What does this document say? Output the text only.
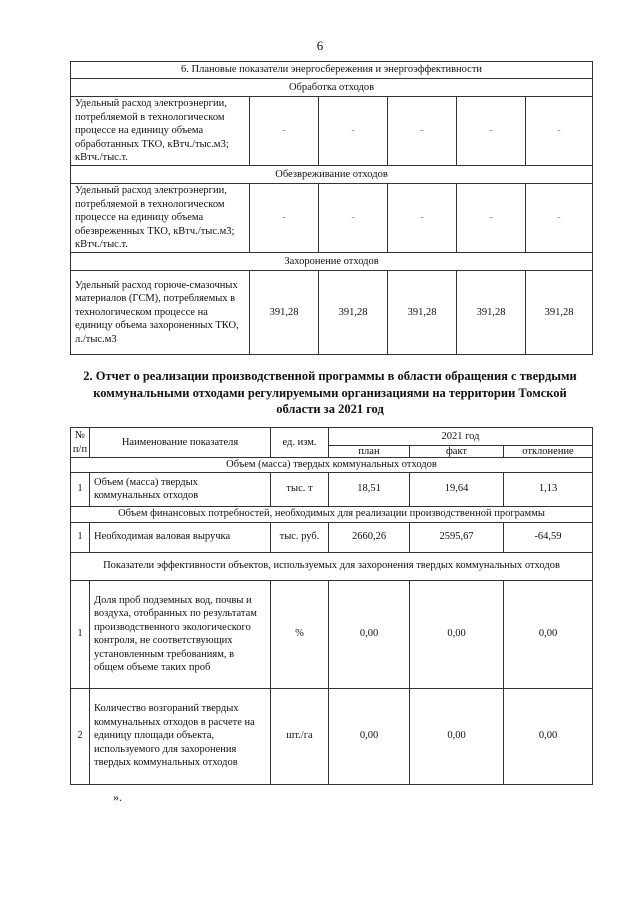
6
6. Плановые показатели энергосбережения и энергоэффективности					
Обработка отходов					
Удельный расход электроэнергии, потребляемой в технологическом процессе на единицу объема обработанных ТКО, кВтч./тыс.м3; кВтч./тыс.т.	-	-	-	-	-
Обезвреживание отходов					
Удельный расход электроэнергии, потребляемой в технологическом процессе на единицу объема обезвреженных ТКО, кВтч./тыс.м3; кВтч./тыс.т.	-	-	-	-	-
Захоронение отходов					
Удельный расход горюче-смазочных материалов (ГСМ), потребляемых в технологическом процессе на единицу объема захороненных ТКО, л./тыс.м3	391,28	391,28	391,28	391,28	391,28
2. Отчет о реализации производственной программы в области обращения с твердыми коммунальными отходами регулируемыми организациями на территории Томской области за 2021 год
№ п/п	Наименование показателя	ед. изм.	2021 год		
			план	факт	отклонение
Объем (масса) твердых коммунальных отходов					
1	Объем (масса) твердых коммунальных отходов	тыс. т	18,51	19,64	1,13
Объем финансовых потребностей, необходимых для реализации производственной программы					
1	Необходимая валовая выручка	тыс. руб.	2660,26	2595,67	-64,59
Показатели эффективности объектов, используемых для захоронения твердых коммунальных отходов					
1	Доля проб подземных вод, почвы и воздуха, отобранных по результатам производственного экологического контроля, не соответствующих установленным требованиям, в общем объеме таких проб	%	0,00	0,00	0,00
2	Количество возгораний твердых коммунальных отходов в расчете на единицу площади объекта, используемого для захоронения твердых коммунальных отходов	шт./га	0,00	0,00	0,00
».
